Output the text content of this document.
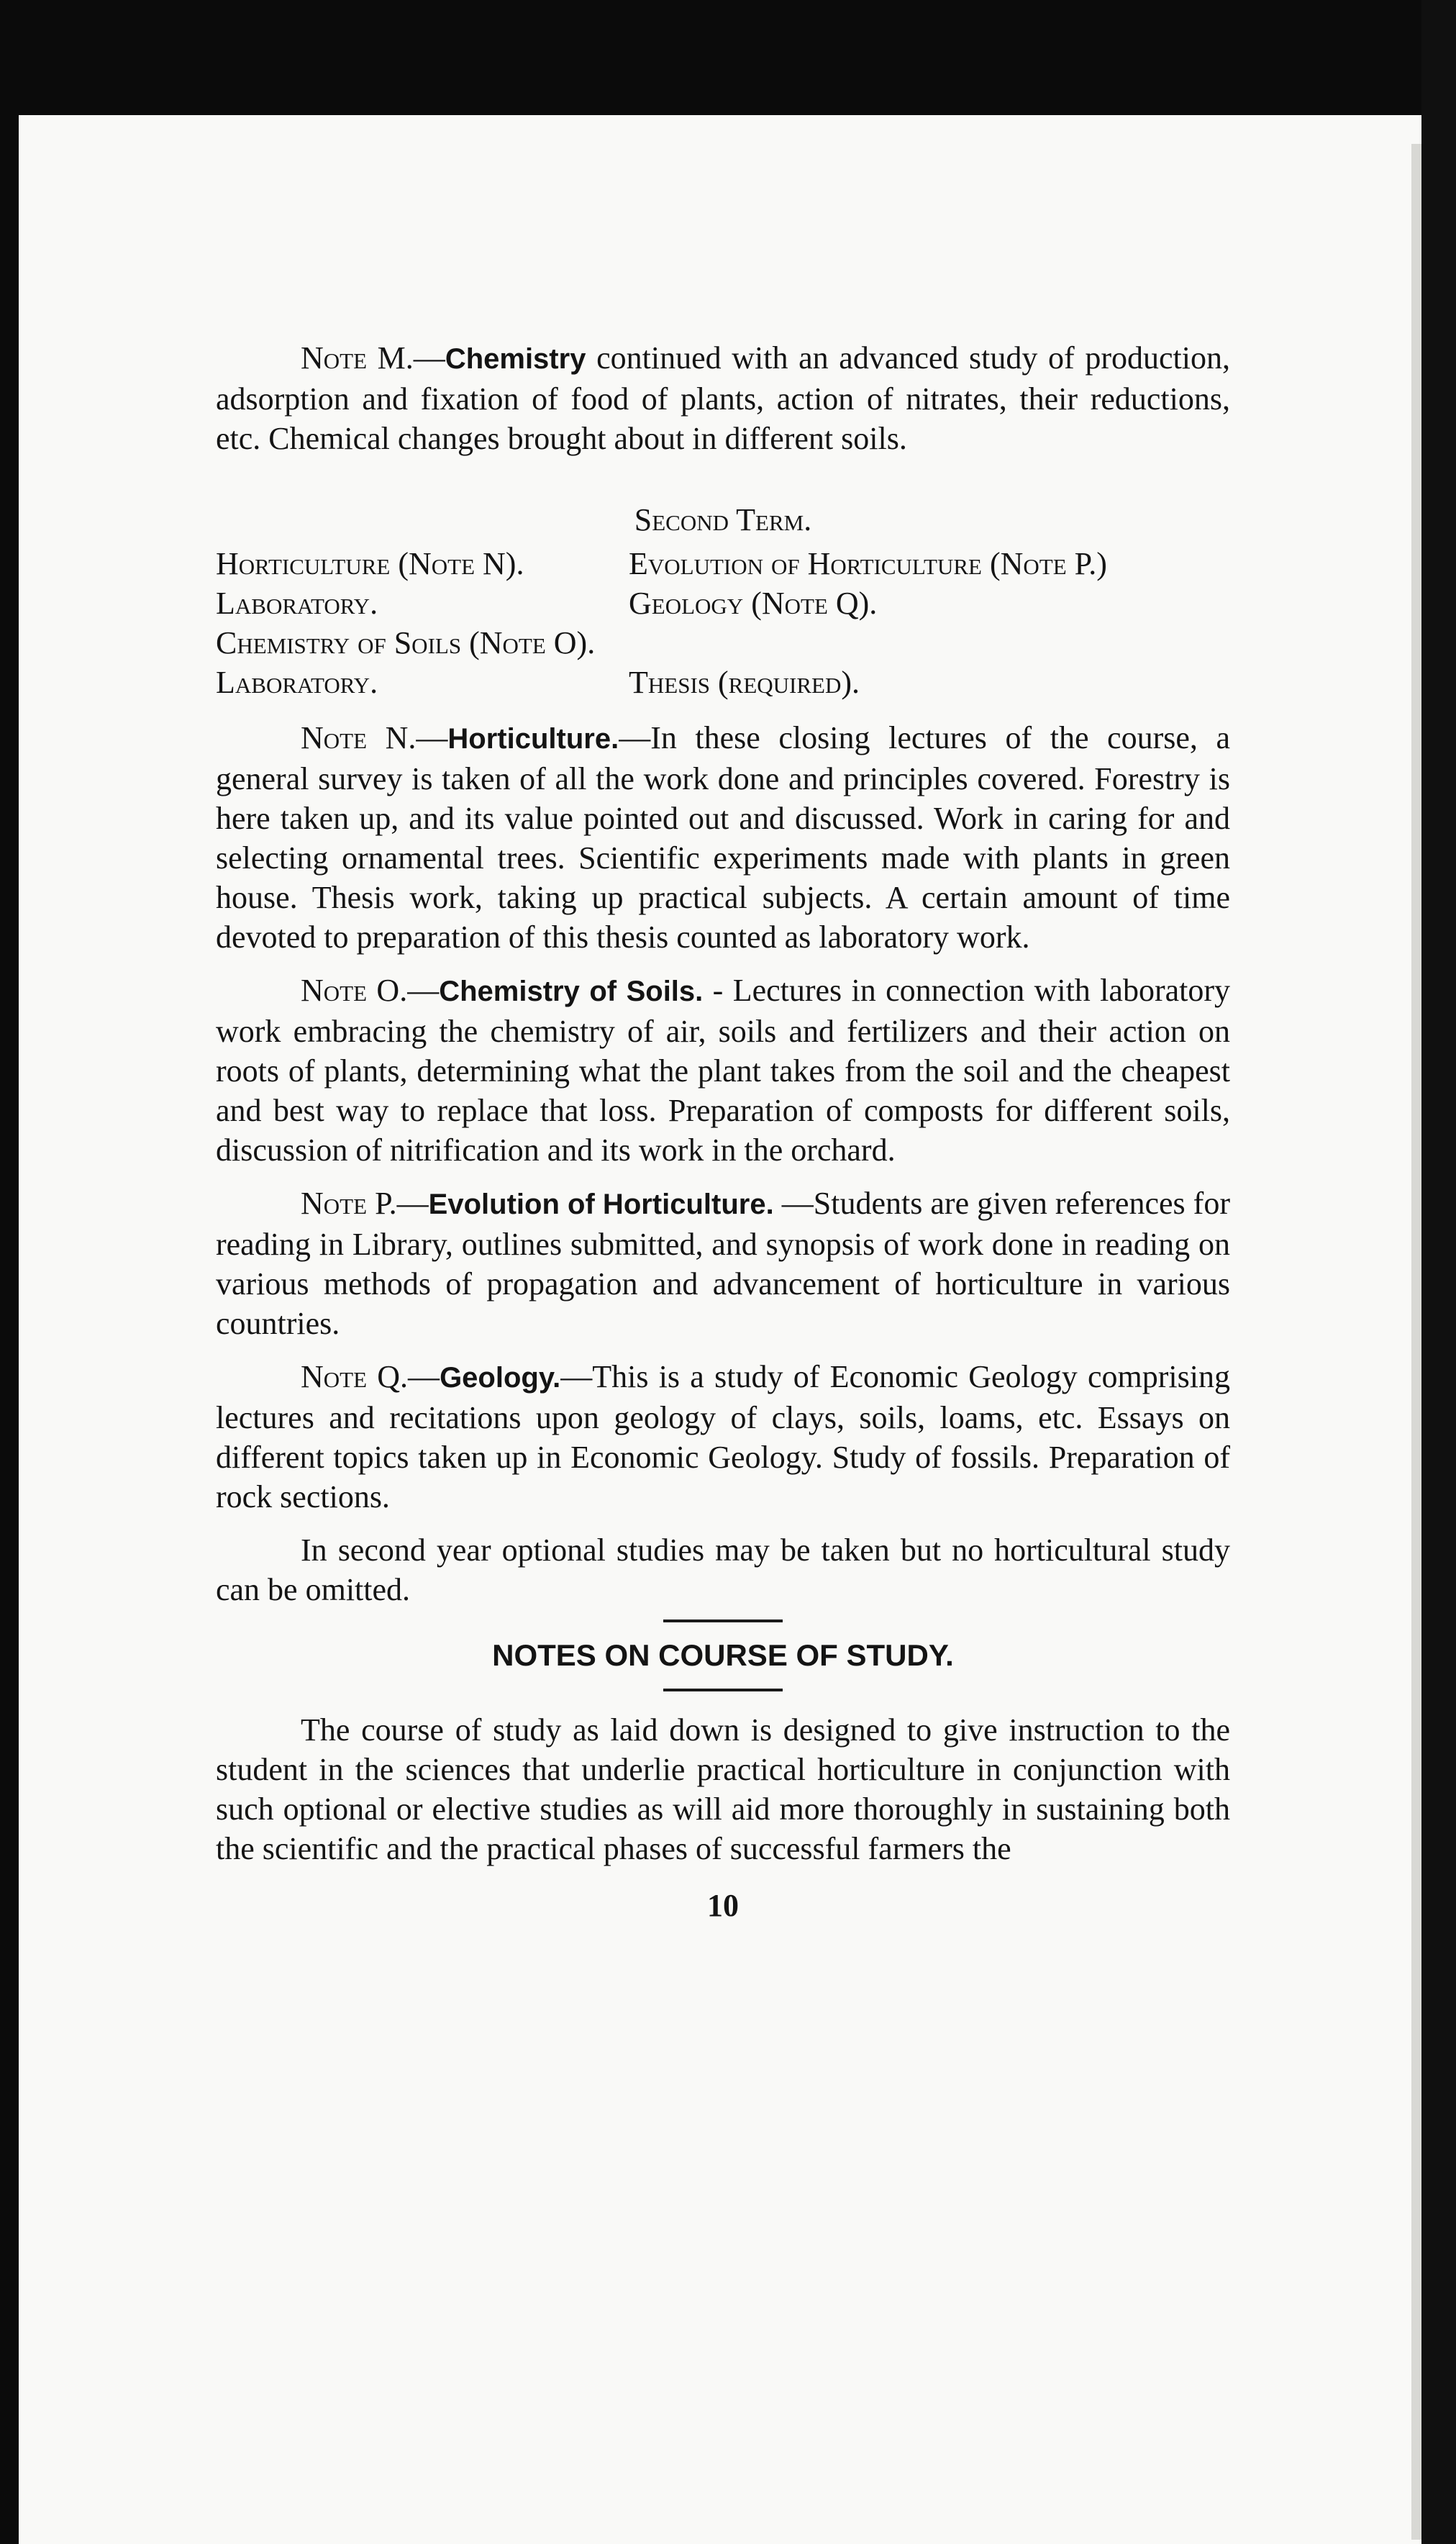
Note M.—Chemistry continued with an advanced study of production, adsorption and fixation of food of plants, action of nitrates, their reductions, etc. Chemical changes brought about in different soils.

Second Term.
Horticulture (Note N).	Evolution of Horticulture (Note P.)
Laboratory.	Geology (Note Q).
Chemistry of Soils (Note O).
Laboratory.	Thesis (required).

Note N.—Horticulture.—In these closing lectures of the course, a general survey is taken of all the work done and principles covered. Forestry is here taken up, and its value pointed out and discussed. Work in caring for and selecting ornamental trees. Scientific experiments made with plants in green house. Thesis work, taking up practical subjects. A certain amount of time devoted to preparation of this thesis counted as laboratory work.

Note O.—Chemistry of Soils. - Lectures in connection with laboratory work embracing the chemistry of air, soils and fertilizers and their action on roots of plants, determining what the plant takes from the soil and the cheapest and best way to replace that loss. Preparation of composts for different soils, discussion of nitrification and its work in the orchard.

Note P.—Evolution of Horticulture. —Students are given references for reading in Library, outlines submitted, and synopsis of work done in reading on various methods of propagation and advancement of horticulture in various countries.

Note Q.—Geology.—This is a study of Economic Geology comprising lectures and recitations upon geology of clays, soils, loams, etc. Essays on different topics taken up in Economic Geology. Study of fossils. Preparation of rock sections.

In second year optional studies may be taken but no horticultural study can be omitted.

NOTES ON COURSE OF STUDY.

The course of study as laid down is designed to give instruction to the student in the sciences that underlie practical horticulture in conjunction with such optional or elective studies as will aid more thoroughly in sustaining both the scientific and the practical phases of successful farmers the

10
